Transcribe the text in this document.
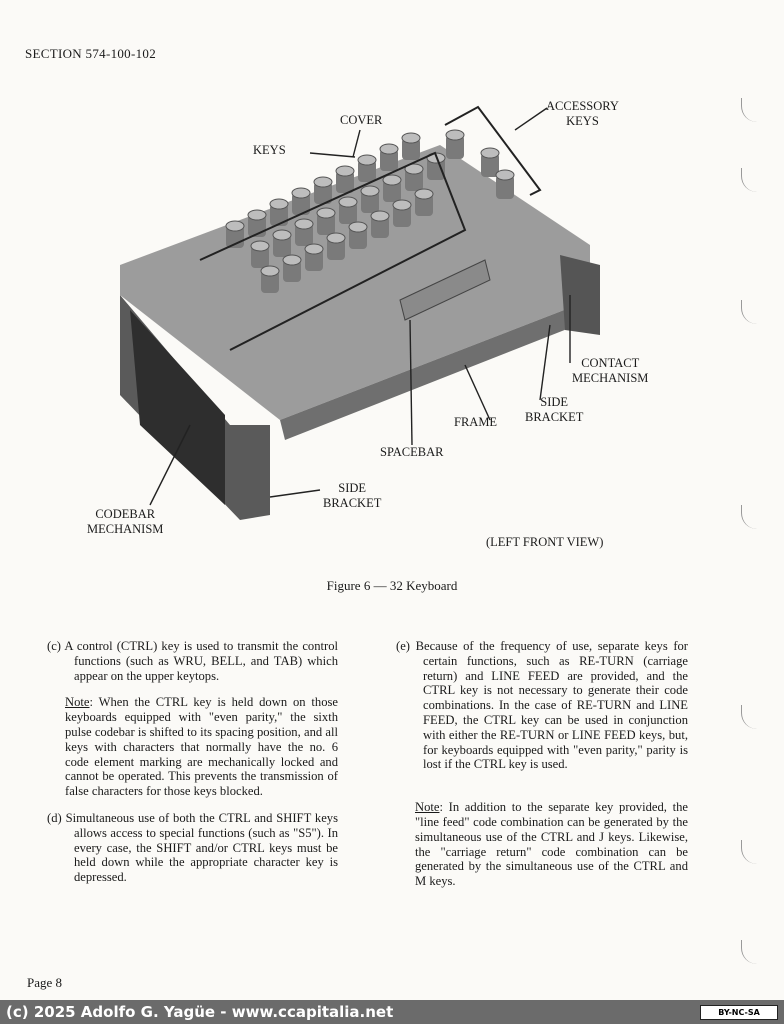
SECTION 574-100-102
COVER
KEYS
ACCESSORY
KEYS
CONTACT
MECHANISM
SIDE
BRACKET
FRAME
SPACEBAR
SIDE
BRACKET
CODEBAR
MECHANISM
(LEFT FRONT VIEW)
Figure 6 — 32 Keyboard

(c) A control (CTRL) key is used to transmit the control functions (such as WRU, BELL, and TAB) which appear on the upper keytops.

Note: When the CTRL key is held down on those keyboards equipped with "even parity," the sixth pulse codebar is shifted to its spacing position, and all keys with characters that normally have the no. 6 code element marking are mechanically locked and cannot be operated. This prevents the transmission of false characters for those keys blocked.

(d) Simultaneous use of both the CTRL and SHIFT keys allows access to special functions (such as "S5"). In every case, the SHIFT and/or CTRL keys must be held down while the appropriate character key is depressed.

(e) Because of the frequency of use, separate keys for certain functions, such as RE-TURN (carriage return) and LINE FEED are provided, and the CTRL key is not necessary to generate their code combinations. In the case of RE-TURN and LINE FEED, the CTRL key can be used in conjunction with either the RE-TURN or LINE FEED keys, but, for keyboards equipped with "even parity," parity is lost if the CTRL key is used.

Note: In addition to the separate key provided, the "line feed" code combination can be generated by the simultaneous use of the CTRL and J keys. Likewise, the "carriage return" code combination can be generated by the simultaneous use of the CTRL and M keys.

Page 8
(c) 2025 Adolfo G. Yagüe - www.ccapitalia.net	BY-NC-SA
